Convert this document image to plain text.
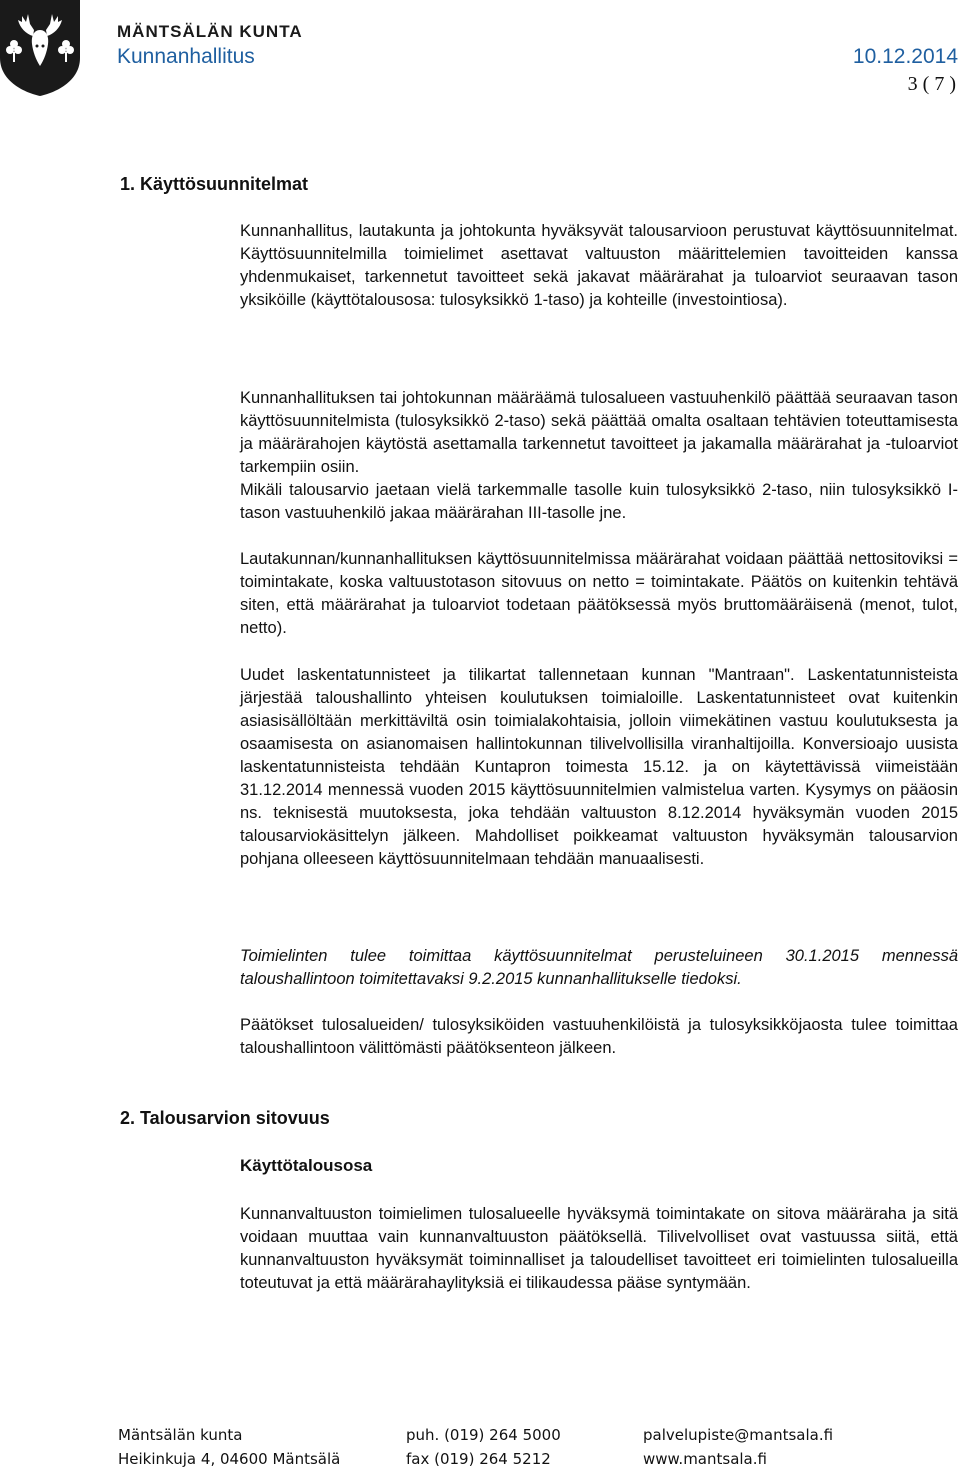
MÄNTSÄLÄN KUNTA
Kunnanhallitus	10.12.2014
3 ( 7 )
1. Käyttösuunnitelmat
Kunnanhallitus, lautakunta ja johtokunta hyväksyvät talousarvioon perustuvat käyttösuunnitelmat. Käyttösuunnitelmilla toimielimet asettavat valtuuston määrittelemien tavoitteiden kanssa yhdenmukaiset, tarkennetut tavoitteet sekä jakavat määrärahat ja tuloarviot seuraavan tason yksiköille (käyttötalousosa: tulosyksikkö 1-taso) ja kohteille (investointiosa).
Kunnanhallituksen tai johtokunnan määräämä tulosalueen vastuuhenkilö päättää seuraavan tason käyttösuunnitelmista (tulosyksikkö 2-taso) sekä päättää omalta osaltaan tehtävien toteuttamisesta ja määrärahojen käytöstä asettamalla tarkennetut tavoitteet ja jakamalla määrärahat ja -tuloarviot tarkempiin osiin.
Mikäli talousarvio jaetaan vielä tarkemmalle tasolle kuin tulosyksikkö 2-taso, niin tulosyksikkö I-tason vastuuhenkilö jakaa määrärahan III-tasolle jne.
Lautakunnan/kunnanhallituksen käyttösuunnitelmissa määrärahat voidaan päättää nettositoviksi = toimintakate, koska valtuustotason sitovuus on netto = toimintakate. Päätös on kuitenkin tehtävä siten, että määrärahat ja tuloarviot todetaan päätöksessä myös bruttomääräisenä (menot, tulot, netto).
Uudet laskentatunnisteet ja tilikartat tallennetaan kunnan "Mantraan". Laskentatunnisteista järjestää taloushallinto yhteisen koulutuksen toimialoille. Laskentatunnisteet ovat kuitenkin asiasisällöltään merkittäviltä osin toimialakohtaisia, jolloin viimekätinen vastuu koulutuksesta ja osaamisesta on asianomaisen hallintokunnan tilivelvollisilla viranhaltijoilla. Konversioajo uusista laskentatunnisteista tehdään Kuntapron toimesta 15.12. ja on käytettävissä viimeistään 31.12.2014 mennessä vuoden 2015 käyttösuunnitelmien valmistelua varten. Kysymys on pääosin ns. teknisestä muutoksesta, joka tehdään valtuuston 8.12.2014 hyväksymän vuoden 2015 talousarviokäsittelyn jälkeen. Mahdolliset poikkeamat valtuuston hyväksymän talousarvion pohjana olleeseen käyttösuunnitelmaan tehdään manuaalisesti.
Toimielinten tulee toimittaa käyttösuunnitelmat perusteluineen 30.1.2015 mennessä taloushallintoon toimitettavaksi 9.2.2015 kunnanhallitukselle tiedoksi.
Päätökset tulosalueiden/ tulosyksiköiden vastuuhenkilöistä ja tulosyksikköjaosta tulee toimittaa taloushallintoon välittömästi päätöksenteon jälkeen.
2. Talousarvion sitovuus
Käyttötalousosa
Kunnanvaltuuston toimielimen tulosalueelle hyväksymä toimintakate on sitova määräraha ja sitä voidaan muuttaa vain kunnanvaltuuston päätöksellä. Tilivelvolliset ovat vastuussa siitä, että kunnanvaltuuston hyväksymät toiminnalliset ja taloudelliset tavoitteet eri toimielinten tulosalueilla toteutuvat ja että määrärahaylityksiä ei tilikaudessa pääse syntymään.
Mäntsälän kunta
Heikinkuja 4, 04600 Mäntsälä
puh. (019) 264 5000
fax (019) 264 5212
palvelupiste@mantsala.fi
www.mantsala.fi
